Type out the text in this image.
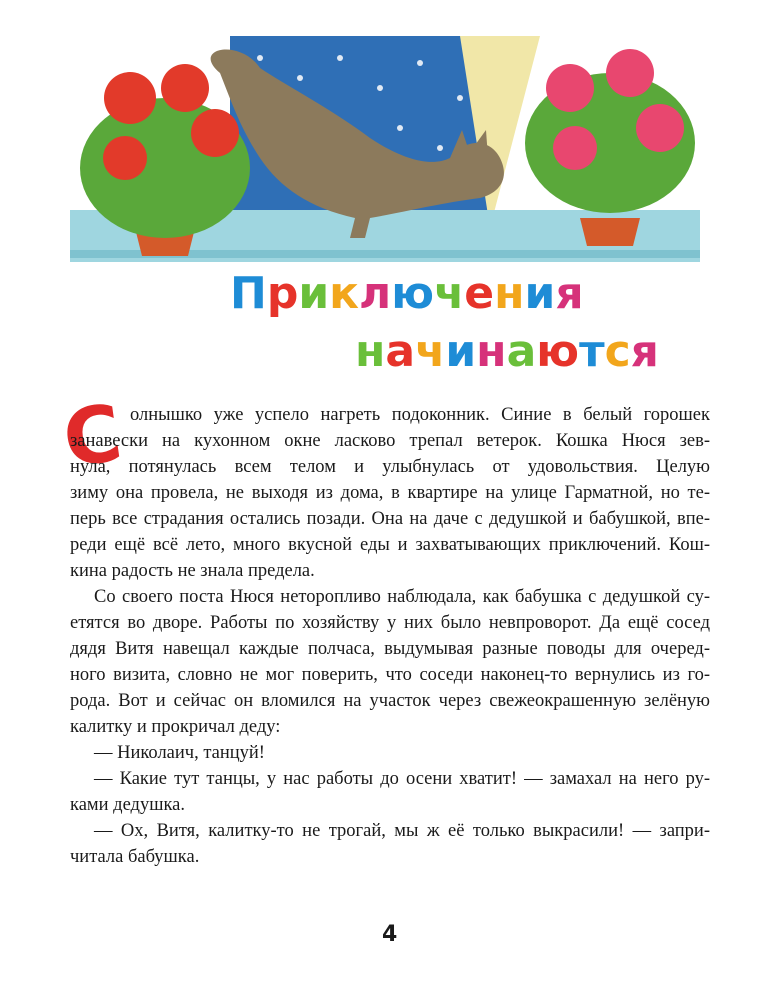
Приключения
начинаются
С олнышко уже успело нагреть подоконник. Синие в белый горошек
занавески на кухонном окне ласково трепал ветерок. Кошка Нюся зев-
нула, потянулась всем телом и улыбнулась от удовольствия. Целую
зиму она провела, не выходя из дома, в квартире на улице Гарматной, но те-
перь все страдания остались позади. Она на даче с дедушкой и бабушкой, впе-
реди ещё всё лето, много вкусной еды и захватывающих приключений. Кош-
кина радость не знала предела.
Со своего поста Нюся неторопливо наблюдала, как бабушка с дедушкой су-
етятся во дворе. Работы по хозяйству у них было невпроворот. Да ещё сосед
дядя Витя навещал каждые полчаса, выдумывая разные поводы для очеред-
ного визита, словно не мог поверить, что соседи наконец-то вернулись из го-
рода. Вот и сейчас он вломился на участок через свежеокрашенную зелёную
калитку и прокричал деду:
— Николаич, танцуй!
— Какие тут танцы, у нас работы до осени хватит! — замахал на него ру-
ками дедушка.
— Ох, Витя, калитку-то не трогай, мы ж её только выкрасили! — запри-
читала бабушка.
4
